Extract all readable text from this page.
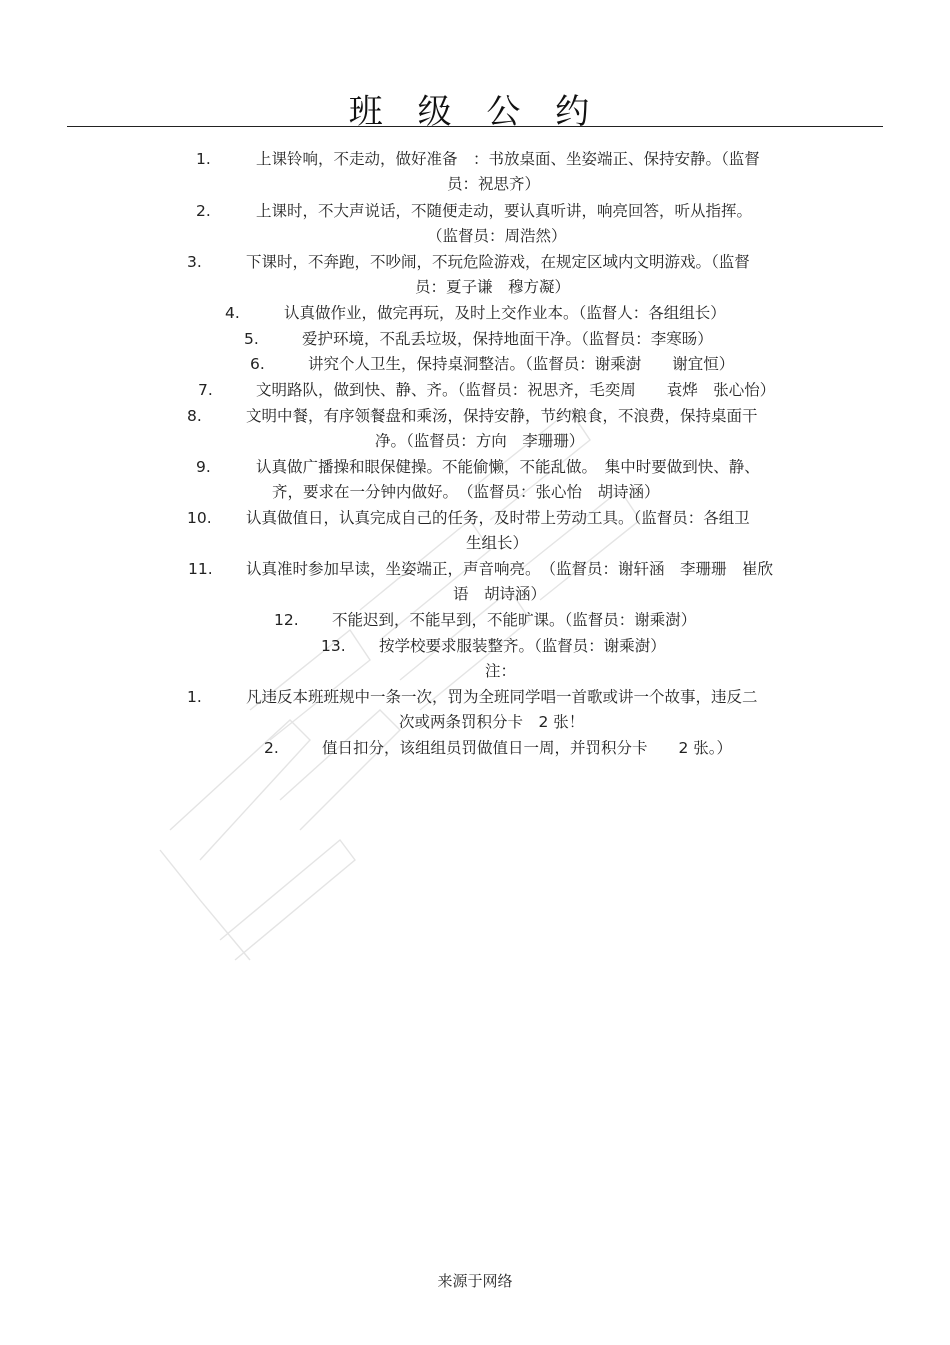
班 级 公 约
1.	上课铃响，不走动，做好准备　：书放桌面、坐姿端正、保持安静。（监督
员：祝思齐）
2.	上课时，不大声说话，不随便走动，要认真听讲，响亮回答，听从指挥。
（监督员：周浩然）
3.	下课时，不奔跑，不吵闹，不玩危险游戏，在规定区域内文明游戏。（监督
员：夏子谦　穆方凝）
4.	认真做作业，做完再玩，及时上交作业本。（监督人：各组组长）
5.	爱护环境，不乱丢垃圾，保持地面干净。（监督员：李寒旸）
6.	讲究个人卫生，保持桌洞整洁。（监督员：谢乘澍　　谢宜恒）
7.	文明路队，做到快、静、齐。（监督员：祝思齐，毛奕周　　袁烨　张心怡）
8.	文明中餐，有序领餐盘和乘汤，保持安静，节约粮食，不浪费，保持桌面干
净。（监督员：方向　李珊珊）
9.	认真做广播操和眼保健操。不能偷懒，不能乱做。　集中时要做到快、静、
齐，要求在一分钟内做好。　（监督员：张心怡　胡诗涵）
10. 认真做值日，认真完成自己的任务，及时带上劳动工具。（监督员：各组卫
生组长）
11. 认真准时参加早读，坐姿端正，声音响亮。　（监督员：谢轩涵　李珊珊　崔欣
语　胡诗涵）
12. 不能迟到，不能早到，不能旷课。（监督员：谢乘澍）
13. 按学校要求服装整齐。（监督员：谢乘澍）
注：
1.	凡违反本班班规中一条一次，罚为全班同学唱一首歌或讲一个故事，违反二
次或两条罚积分卡　2 张！
2.	值日扣分，该组组员罚做值日一周，并罚积分卡　　2 张。）
来源于网络
